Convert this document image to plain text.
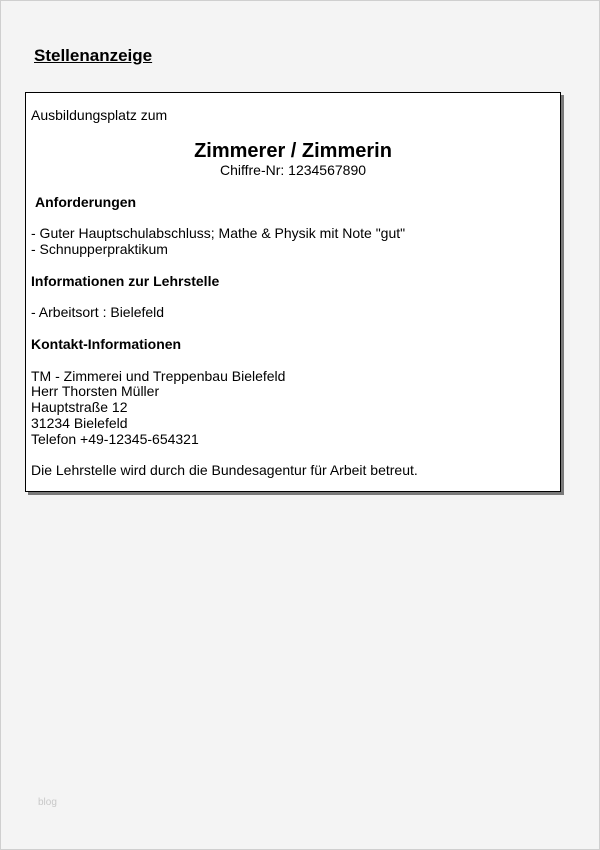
Stellenanzeige
Ausbildungsplatz zum
Zimmerer / Zimmerin
Chiffre-Nr: 1234567890
Anforderungen
- Guter Hauptschulabschluss; Mathe & Physik mit Note "gut"
- Schnupperpraktikum
Informationen zur Lehrstelle
- Arbeitsort : Bielefeld
Kontakt-Informationen
TM - Zimmerei und Treppenbau Bielefeld
Herr Thorsten Müller
Hauptstraße 12
31234 Bielefeld
Telefon +49-12345-654321
Die Lehrstelle wird durch die Bundesagentur für Arbeit betreut.
blog
